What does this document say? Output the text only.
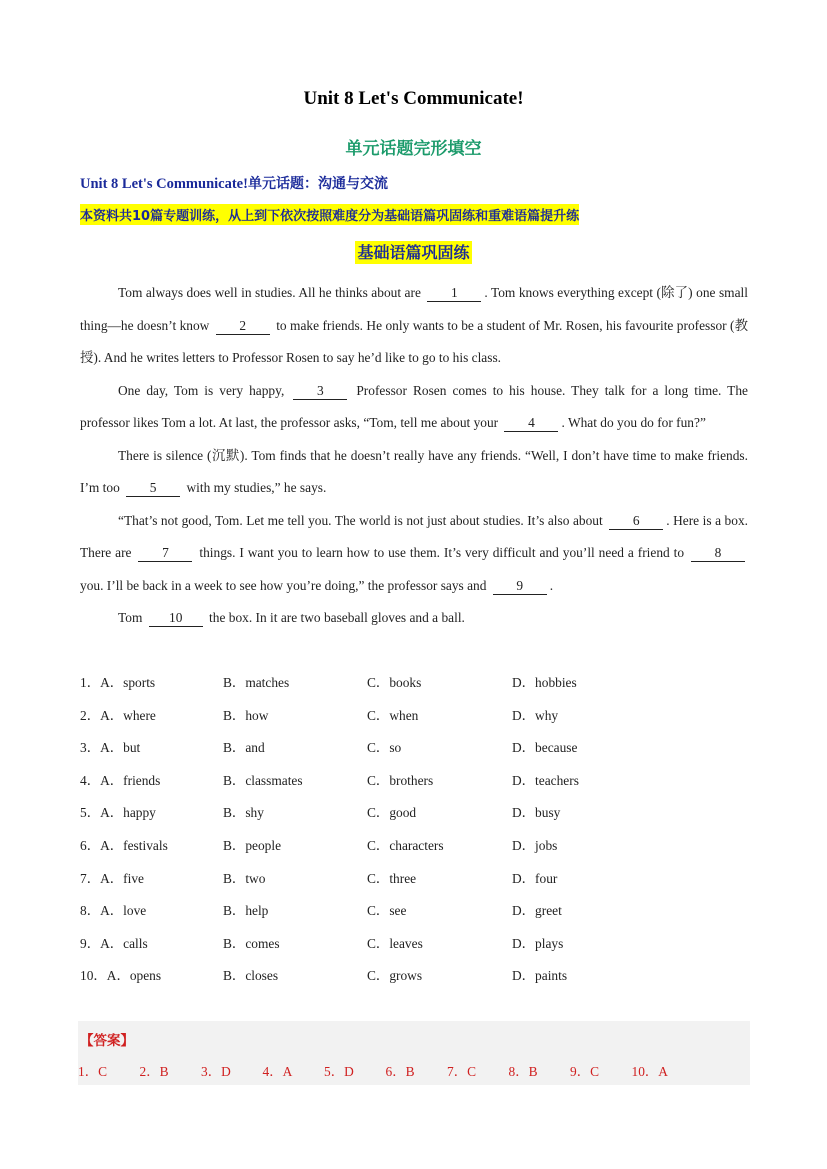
Unit 8 Let's Communicate!
单元话题完形填空
Unit 8 Let's Communicate!单元话题：沟通与交流
本资料共10篇专题训练，从上到下依次按照难度分为基础语篇巩固练和重难语篇提升练
基础语篇巩固练

Tom always does well in studies. All he thinks about are 1 . Tom knows everything except (除了) one small thing—he doesn’t know 2 to make friends. He only wants to be a student of Mr. Rosen, his favourite professor (教授). And he writes letters to Professor Rosen to say he’d like to go to his class.

One day, Tom is very happy, 3 Professor Rosen comes to his house. They talk for a long time. The professor likes Tom a lot. At last, the professor asks, “Tom, tell me about your 4 . What do you do for fun?”

There is silence (沉默). Tom finds that he doesn’t really have any friends. “Well, I don’t have time to make friends. I’m too 5 with my studies,” he says.

“That’s not good, Tom. Let me tell you. The world is not just about studies. It’s also about 6 . Here is a box. There are 7 things. I want you to learn how to use them. It’s very difficult and you’ll need a friend to 8 you. I’ll be back in a week to see how you’re doing,” the professor says and 9 .

Tom 10 the box. In it are two baseball gloves and a ball.

1．A．sports	B．matches	C．books	D．hobbies
2．A．where	B．how	C．when	D．why
3．A．but	B．and	C．so	D．because
4．A．friends	B．classmates	C．brothers	D．teachers
5．A．happy	B．shy	C．good	D．busy
6．A．festivals	B．people	C．characters	D．jobs
7．A．five	B．two	C．three	D．four
8．A．love	B．help	C．see	D．greet
9．A．calls	B．comes	C．leaves	D．plays
10．A．opens	B．closes	C．grows	D．paints
【答案】
1．C 2．B 3．D 4．A 5．D 6．B 7．C 8．B 9．C 10．A
